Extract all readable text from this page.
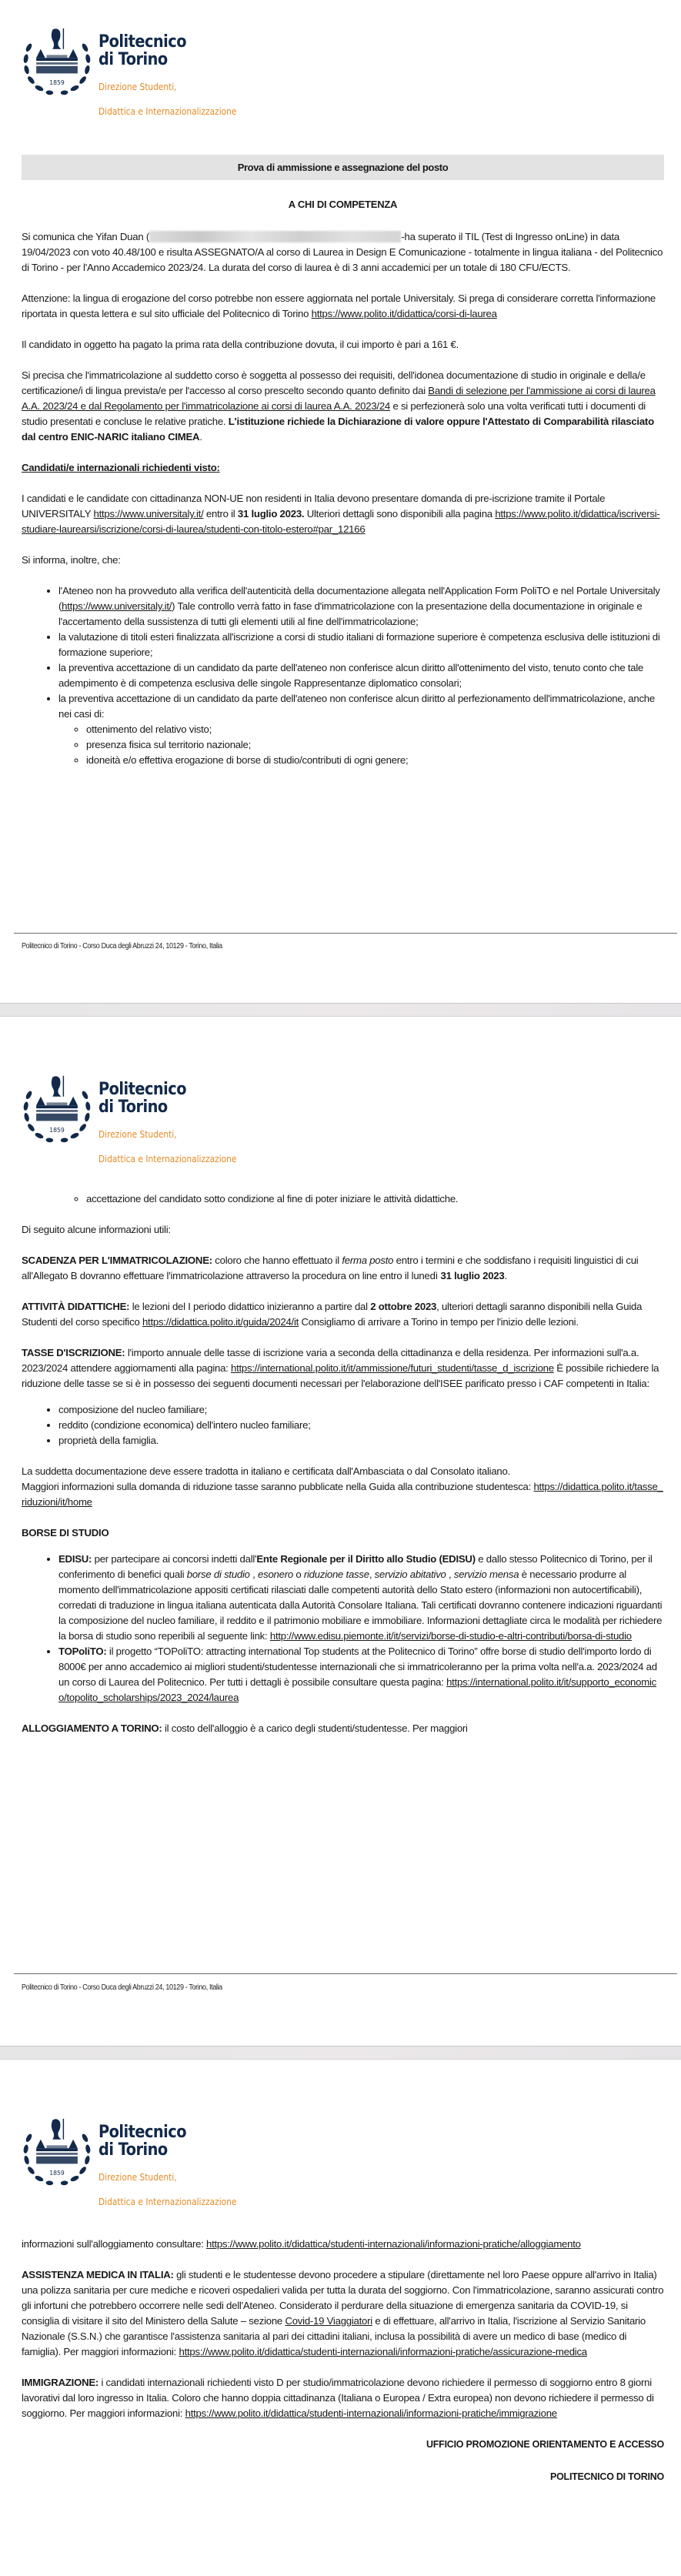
1859
Politecnico
di Torino
Direzione Studenti,
Didattica e Internazionalizzazione
Prova di ammissione e assegnazione del posto
A CHI DI COMPETENZA

Si comunica che Yifan Duan (	-ha superato il TIL (Test di Ingresso onLine) in data 19/04/2023 con voto 40.48/100 e risulta ASSEGNATO/A al corso di Laurea in Design E Comunicazione - totalmente in lingua italiana - del Politecnico di Torino - per l'Anno Accademico 2023/24. La durata del corso di laurea è di 3 anni accademici per un totale di 180 CFU/ECTS.

Attenzione: la lingua di erogazione del corso potrebbe non essere aggiornata nel portale Universitaly. Si prega di considerare corretta l'informazione riportata in questa lettera e sul sito ufficiale del Politecnico di Torino https://www.polito.it/didattica/corsi-di-laurea

Il candidato in oggetto ha pagato la prima rata della contribuzione dovuta, il cui importo è pari a 161 €.

Si precisa che l'immatricolazione al suddetto corso è soggetta al possesso dei requisiti, dell'idonea documentazione di studio in originale e della/e certificazione/i di lingua prevista/e per l'accesso al corso prescelto secondo quanto definito dai Bandi di selezione per l'ammissione ai corsi di laurea A.A. 2023/24 e dal Regolamento per l'immatricolazione ai corsi di laurea A.A. 2023/24 e si perfezionerà solo una volta verificati tutti i documenti di studio presentati e concluse le relative pratiche. L'istituzione richiede la Dichiarazione di valore oppure l'Attestato di Comparabilità rilasciato dal centro ENIC-NARIC italiano CIMEA.

Candidati/e internazionali richiedenti visto:

I candidati e le candidate con cittadinanza NON-UE non residenti in Italia devono presentare domanda di pre-iscrizione tramite il Portale UNIVERSITALY https://www.universitaly.it/ entro il 31 luglio 2023. Ulteriori dettagli sono disponibili alla pagina https://www.polito.it/didattica/iscriversi-studiare-laurearsi/iscrizione/corsi-di-laurea/studenti-con-titolo-estero#par_12166

Si informa, inoltre, che:

• l'Ateneo non ha provveduto alla verifica dell'autenticità della documentazione allegata nell'Application Form PoliTO e nel Portale Universitaly (https://www.universitaly.it/) Tale controllo verrà fatto in fase d'immatricolazione con la presentazione della documentazione in originale e l'accertamento della sussistenza di tutti gli elementi utili al fine dell'immatricolazione;
• la valutazione di titoli esteri finalizzata all'iscrizione a corsi di studio italiani di formazione superiore è competenza esclusiva delle istituzioni di formazione superiore;
• la preventiva accettazione di un candidato da parte dell'ateneo non conferisce alcun diritto all'ottenimento del visto, tenuto conto che tale adempimento è di competenza esclusiva delle singole Rappresentanze diplomatico consolari;
• la preventiva accettazione di un candidato da parte dell'ateneo non conferisce alcun diritto al perfezionamento dell'immatricolazione, anche nei casi di:
◦ ottenimento del relativo visto;
◦ presenza fisica sul territorio nazionale;
◦ idoneità e/o effettiva erogazione di borse di studio/contributi di ogni genere;
Politecnico di Torino - Corso Duca degli Abruzzi 24, 10129 - Torino, Italia
1859
Politecnico
di Torino
Direzione Studenti,
Didattica e Internazionalizzazione
◦ accettazione del candidato sotto condizione al fine di poter iniziare le attività didattiche.

Di seguito alcune informazioni utili:

SCADENZA PER L'IMMATRICOLAZIONE: coloro che hanno effettuato il ferma posto entro i termini e che soddisfano i requisiti linguistici di cui all'Allegato B dovranno effettuare l'immatricolazione attraverso la procedura on line entro il lunedì 31 luglio 2023.

ATTIVITÀ DIDATTICHE: le lezioni del I periodo didattico inizieranno a partire dal 2 ottobre 2023, ulteriori dettagli saranno disponibili nella Guida Studenti del corso specifico https://didattica.polito.it/guida/2024/it Consigliamo di arrivare a Torino in tempo per l'inizio delle lezioni.

TASSE D'ISCRIZIONE: l'importo annuale delle tasse di iscrizione varia a seconda della cittadinanza e della residenza. Per informazioni sull'a.a. 2023/2024 attendere aggiornamenti alla pagina: https://international.polito.it/it/ammissione/futuri_studenti/tasse_d_iscrizione È possibile richiedere la riduzione delle tasse se si è in possesso dei seguenti documenti necessari per l'elaborazione dell'ISEE parificato presso i CAF competenti in Italia:

• composizione del nucleo familiare;
• reddito (condizione economica) dell'intero nucleo familiare;
• proprietà della famiglia.

La suddetta documentazione deve essere tradotta in italiano e certificata dall'Ambasciata o dal Consolato italiano.
Maggiori informazioni sulla domanda di riduzione tasse saranno pubblicate nella Guida alla contribuzione studentesca: https://didattica.polito.it/tasse_riduzioni/it/home

BORSE DI STUDIO

• EDISU: per partecipare ai concorsi indetti dall'Ente Regionale per il Diritto allo Studio (EDISU) e dallo stesso Politecnico di Torino, per il conferimento di benefici quali borse di studio , esonero o riduzione tasse, servizio abitativo , servizio mensa è necessario produrre al momento dell'immatricolazione appositi certificati rilasciati dalle competenti autorità dello Stato estero (informazioni non autocertificabili), corredati di traduzione in lingua italiana autenticata dalla Autorità Consolare Italiana. Tali certificati dovranno contenere indicazioni riguardanti la composizione del nucleo familiare, il reddito e il patrimonio mobiliare e immobiliare. Informazioni dettagliate circa le modalità per richiedere la borsa di studio sono reperibili al seguente link: http://www.edisu.piemonte.it/it/servizi/borse-di-studio-e-altri-contributi/borsa-di-studio
• TOPoliTO: il progetto “TOPoliTO: attracting international Top students at the Politecnico di Torino” offre borse di studio dell'importo lordo di 8000€ per anno accademico ai migliori studenti/studentesse internazionali che si immatricoleranno per la prima volta nell'a.a. 2023/2024 ad un corso di Laurea del Politecnico. Per tutti i dettagli è possibile consultare questa pagina: https://international.polito.it/it/supporto_economico/topolito_scholarships/2023_2024/laurea

ALLOGGIAMENTO A TORINO: il costo dell'alloggio è a carico degli studenti/studentesse. Per maggiori

Politecnico di Torino - Corso Duca degli Abruzzi 24, 10129 - Torino, Italia
1859
Politecnico
di Torino
Direzione Studenti,
Didattica e Internazionalizzazione

informazioni sull'alloggiamento consultare: https://www.polito.it/didattica/studenti-internazionali/informazioni-pratiche/alloggiamento

ASSISTENZA MEDICA IN ITALIA: gli studenti e le studentesse devono procedere a stipulare (direttamente nel loro Paese oppure all'arrivo in Italia) una polizza sanitaria per cure mediche e ricoveri ospedalieri valida per tutta la durata del soggiorno. Con l'immatricolazione, saranno assicurati contro gli infortuni che potrebbero occorrere nelle sedi dell'Ateneo. Considerato il perdurare della situazione di emergenza sanitaria da COVID-19, si consiglia di visitare il sito del Ministero della Salute – sezione Covid-19 Viaggiatori e di effettuare, all'arrivo in Italia, l'iscrizione al Servizio Sanitario Nazionale (S.S.N.) che garantisce l'assistenza sanitaria al pari dei cittadini italiani, inclusa la possibilità di avere un medico di base (medico di famiglia). Per maggiori informazioni: https://www.polito.it/didattica/studenti-internazionali/informazioni-pratiche/assicurazione-medica

IMMIGRAZIONE: i candidati internazionali richiedenti visto D per studio/immatricolazione devono richiedere il permesso di soggiorno entro 8 giorni lavorativi dal loro ingresso in Italia. Coloro che hanno doppia cittadinanza (Italiana o Europea / Extra europea) non devono richiedere il permesso di soggiorno. Per maggiori informazioni: https://www.polito.it/didattica/studenti-internazionali/informazioni-pratiche/immigrazione

UFFICIO PROMOZIONE ORIENTAMENTO E ACCESSO

POLITECNICO DI TORINO
